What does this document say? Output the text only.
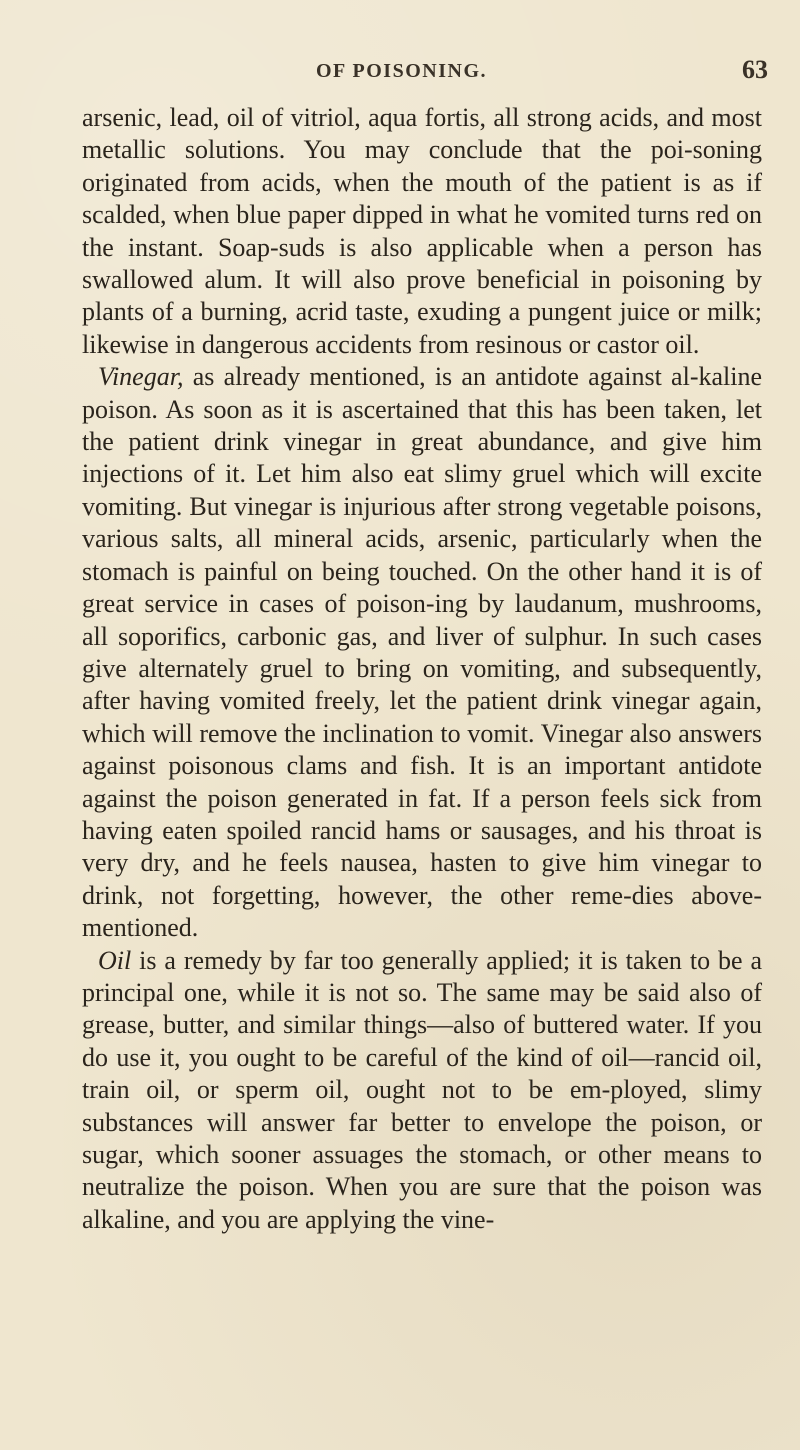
OF POISONING.	63

arsenic, lead, oil of vitriol, aqua fortis, all strong acids, and most metallic solutions. You may conclude that the poi-soning originated from acids, when the mouth of the patient is as if scalded, when blue paper dipped in what he vomited turns red on the instant. Soap-suds is also applicable when a person has swallowed alum. It will also prove beneficial in poisoning by plants of a burning, acrid taste, exuding a pungent juice or milk; likewise in dangerous accidents from resinous or castor oil.

Vinegar, as already mentioned, is an antidote against al-kaline poison. As soon as it is ascertained that this has been taken, let the patient drink vinegar in great abundance, and give him injections of it. Let him also eat slimy gruel which will excite vomiting. But vinegar is injurious after strong vegetable poisons, various salts, all mineral acids, arsenic, particularly when the stomach is painful on being touched. On the other hand it is of great service in cases of poison-ing by laudanum, mushrooms, all soporifics, carbonic gas, and liver of sulphur. In such cases give alternately gruel to bring on vomiting, and subsequently, after having vomited freely, let the patient drink vinegar again, which will remove the inclination to vomit. Vinegar also answers against poisonous clams and fish. It is an important antidote against the poison generated in fat. If a person feels sick from having eaten spoiled rancid hams or sausages, and his throat is very dry, and he feels nausea, hasten to give him vinegar to drink, not forgetting, however, the other reme-dies above-mentioned.

Oil is a remedy by far too generally applied; it is taken to be a principal one, while it is not so. The same may be said also of grease, butter, and similar things—also of buttered water. If you do use it, you ought to be careful of the kind of oil—rancid oil, train oil, or sperm oil, ought not to be em-ployed, slimy substances will answer far better to envelope the poison, or sugar, which sooner assuages the stomach, or other means to neutralize the poison. When you are sure that the poison was alkaline, and you are applying the vine-
